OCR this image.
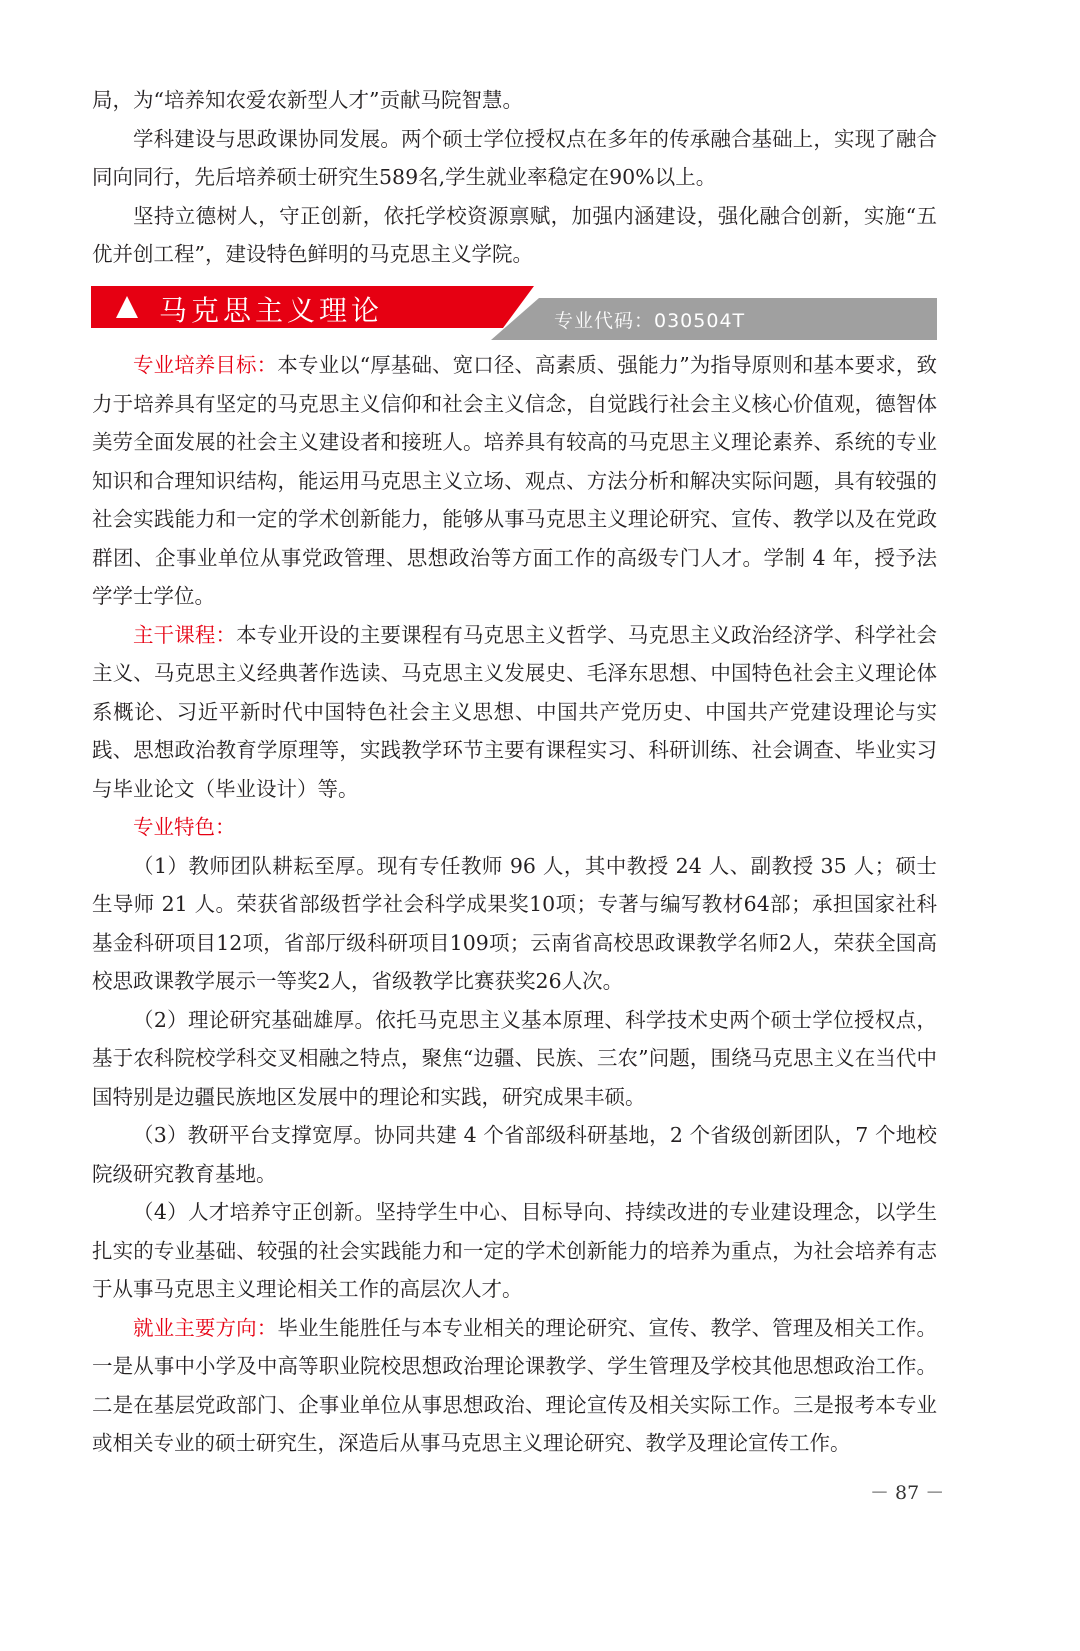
局，为“培养知农爱农新型人才”贡献马院智慧。

学科建设与思政课协同发展。两个硕士学位授权点在多年的传承融合基础上，实现了融合同向同行，先后培养硕士研究生589名,学生就业率稳定在90%以上。

坚持立德树人，守正创新，依托学校资源禀赋，加强内涵建设，强化融合创新，实施“五优并创工程”，建设特色鲜明的马克思主义学院。

马克思主义理论	专业代码：030504T

专业培养目标：本专业以“厚基础、宽口径、高素质、强能力”为指导原则和基本要求，致力于培养具有坚定的马克思主义信仰和社会主义信念，自觉践行社会主义核心价值观，德智体美劳全面发展的社会主义建设者和接班人。培养具有较高的马克思主义理论素养、系统的专业知识和合理知识结构，能运用马克思主义立场、观点、方法分析和解决实际问题，具有较强的社会实践能力和一定的学术创新能力，能够从事马克思主义理论研究、宣传、教学以及在党政群团、企事业单位从事党政管理、思想政治等方面工作的高级专门人才。学制 4 年，授予法学学士学位。

主干课程：本专业开设的主要课程有马克思主义哲学、马克思主义政治经济学、科学社会主义、马克思主义经典著作选读、马克思主义发展史、毛泽东思想、中国特色社会主义理论体系概论、习近平新时代中国特色社会主义思想、中国共产党历史、中国共产党建设理论与实践、思想政治教育学原理等，实践教学环节主要有课程实习、科研训练、社会调查、毕业实习与毕业论文（毕业设计）等。

专业特色：

（1）教师团队耕耘至厚。现有专任教师 96 人，其中教授 24 人、副教授 35 人；硕士生导师 21 人。荣获省部级哲学社会科学成果奖10项；专著与编写教材64部；承担国家社科基金科研项目12项，省部厅级科研项目109项；云南省高校思政课教学名师2人，荣获全国高校思政课教学展示一等奖2人，省级教学比赛获奖26人次。

（2）理论研究基础雄厚。依托马克思主义基本原理、科学技术史两个硕士学位授权点，基于农科院校学科交叉相融之特点，聚焦“边疆、民族、三农”问题，围绕马克思主义在当代中国特别是边疆民族地区发展中的理论和实践，研究成果丰硕。

（3）教研平台支撑宽厚。协同共建 4 个省部级科研基地，2 个省级创新团队，7 个地校院级研究教育基地。

（4）人才培养守正创新。坚持学生中心、目标导向、持续改进的专业建设理念，以学生扎实的专业基础、较强的社会实践能力和一定的学术创新能力的培养为重点，为社会培养有志于从事马克思主义理论相关工作的高层次人才。

就业主要方向：毕业生能胜任与本专业相关的理论研究、宣传、教学、管理及相关工作。一是从事中小学及中高等职业院校思想政治理论课教学、学生管理及学校其他思想政治工作。二是在基层党政部门、企事业单位从事思想政治、理论宣传及相关实际工作。三是报考本专业或相关专业的硕士研究生，深造后从事马克思主义理论研究、教学及理论宣传工作。

－ 87 －
